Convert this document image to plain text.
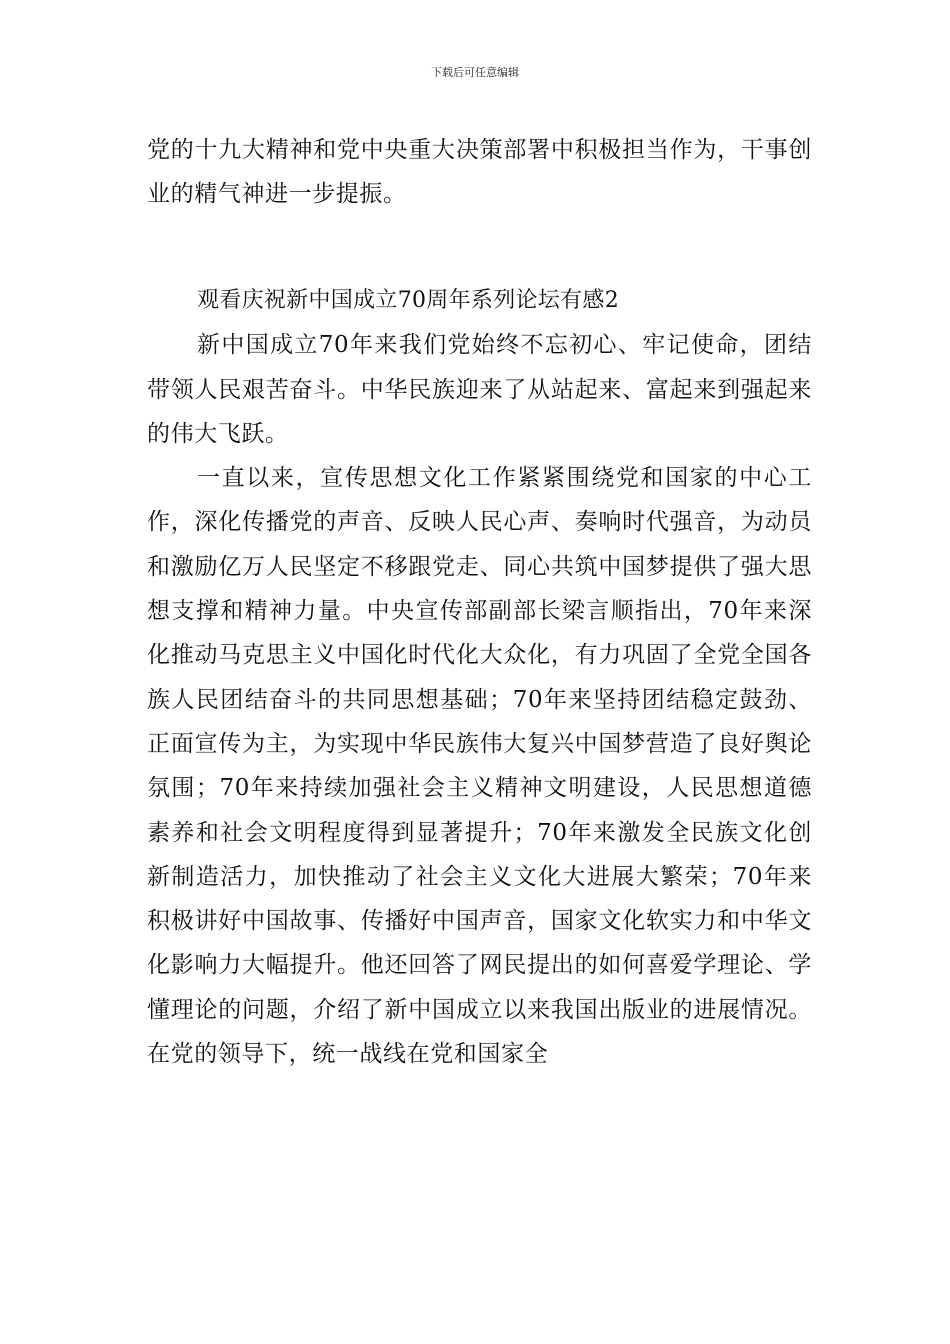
下载后可任意编辑

党的十九大精神和党中央重大决策部署中积极担当作为，干事创业的精气神进一步提振。

观看庆祝新中国成立70周年系列论坛有感2

新中国成立70年来我们党始终不忘初心、牢记使命，团结带领人民艰苦奋斗。中华民族迎来了从站起来、富起来到强起来的伟大飞跃。

一直以来，宣传思想文化工作紧紧围绕党和国家的中心工作，深化传播党的声音、反映人民心声、奏响时代强音，为动员和激励亿万人民坚定不移跟党走、同心共筑中国梦提供了强大思想支撑和精神力量。中央宣传部副部长梁言顺指出，70年来深化推动马克思主义中国化时代化大众化，有力巩固了全党全国各族人民团结奋斗的共同思想基础；70年来坚持团结稳定鼓劲、正面宣传为主，为实现中华民族伟大复兴中国梦营造了良好舆论氛围；70年来持续加强社会主义精神文明建设，人民思想道德素养和社会文明程度得到显著提升；70年来激发全民族文化创新制造活力，加快推动了社会主义文化大进展大繁荣；70年来积极讲好中国故事、传播好中国声音，国家文化软实力和中华文化影响力大幅提升。他还回答了网民提出的如何喜爱学理论、学懂理论的问题，介绍了新中国成立以来我国出版业的进展情况。在党的领导下，统一战线在党和国家全
